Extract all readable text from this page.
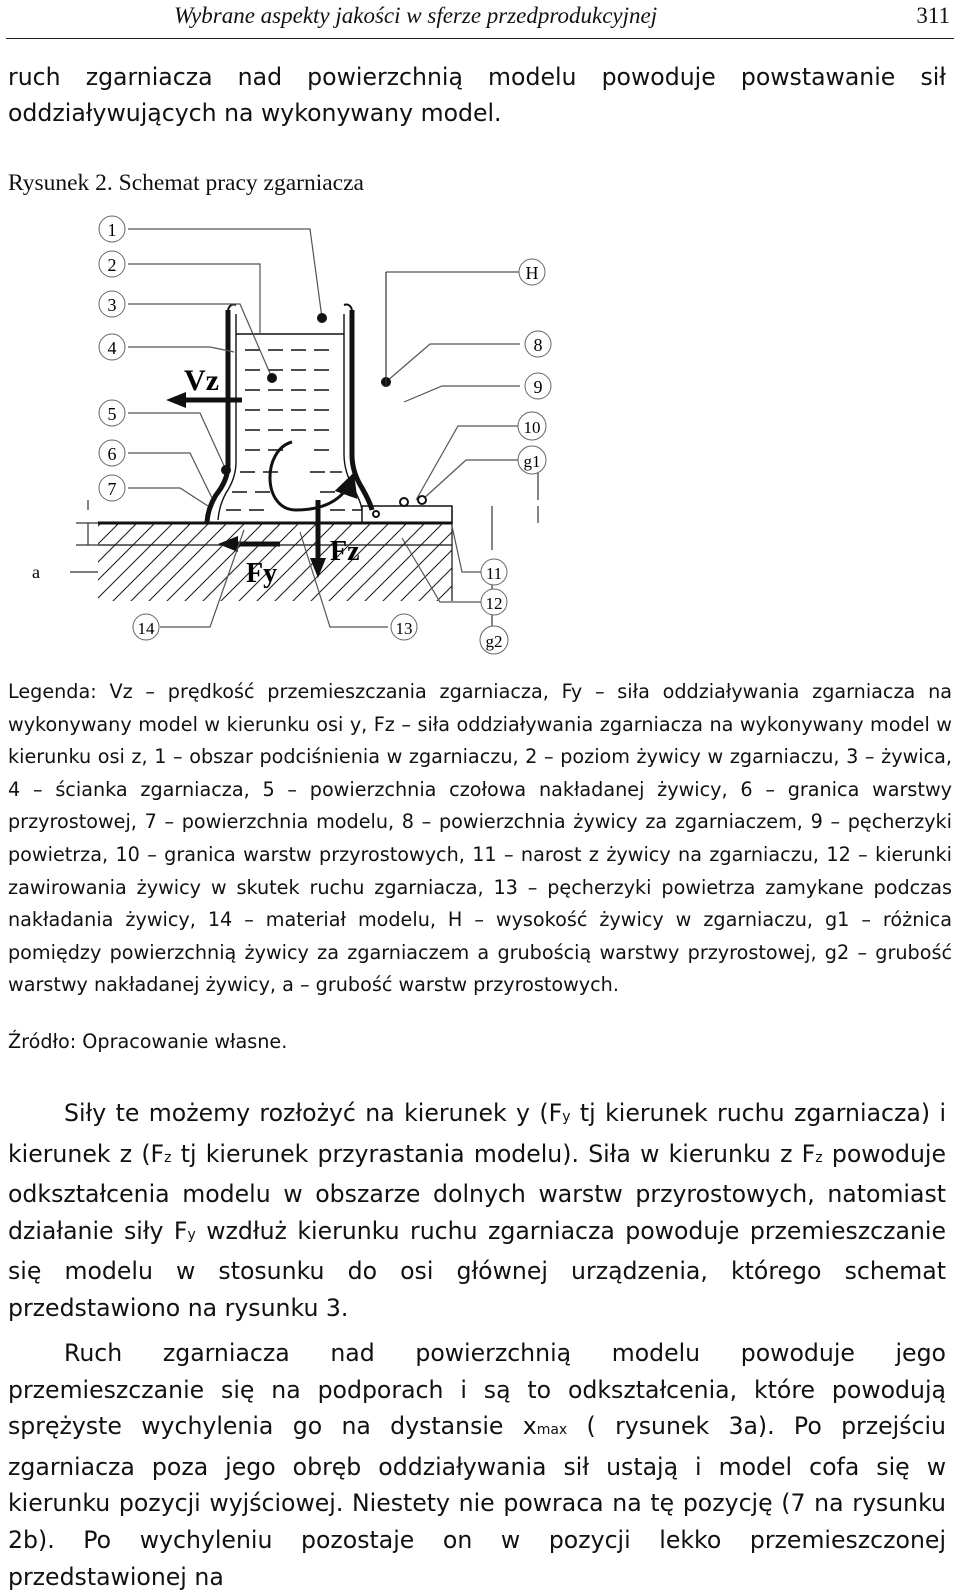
Wybrane aspekty jakości w sferze przedprodukcyjnej	311

ruch zgarniacza nad powierzchnią modelu powoduje powstawanie sił oddziaływujących na wykonywany model.

Rysunek 2. Schemat pracy zgarniacza
1
2
3
4
5
6
7
H
8
9
10
g1
11
12
g2
13
14
a
Vz
Fy
Fz

Legenda: Vz – prędkość przemieszczania zgarniacza, Fy – siła oddziaływania zgarniacza na wykonywany model w kierunku osi y, Fz – siła oddziaływania zgarniacza na wykonywany model w kierunku osi z, 1 – obszar podciśnienia w zgarniaczu, 2 – poziom żywicy w zgarniaczu, 3 – żywica, 4 – ścianka zgarniacza, 5 – powierzchnia czołowa nakładanej żywicy, 6 – granica warstwy przyrostowej, 7 – powierzchnia modelu, 8 – powierzchnia żywicy za zgarniaczem, 9 – pęcherzyki powietrza, 10 – granica warstw przyrostowych, 11 – narost z żywicy na zgarniaczu, 12 – kierunki zawirowania żywicy w skutek ruchu zgarniacza, 13 – pęcherzyki powietrza zamykane podczas nakładania żywicy, 14 – materiał modelu, H – wysokość żywicy w zgarniaczu, g1 – różnica pomiędzy powierzchnią żywicy za zgarniaczem a grubością warstwy przyrostowej, g2 – grubość warstwy nakładanej żywicy, a – grubość warstw przyrostowych.

Źródło: Opracowanie własne.

Siły te możemy rozłożyć na kierunek y (Fy tj kierunek ruchu zgarniacza) i kierunek z (Fz tj kierunek przyrastania modelu). Siła w kierunku z Fz powoduje odkształcenia modelu w obszarze dolnych warstw przyrostowych, natomiast działanie siły Fy wzdłuż kierunku ruchu zgarniacza powoduje przemieszczanie się modelu w stosunku do osi głównej urządzenia, którego schemat przedstawiono na rysunku 3.

Ruch zgarniacza nad powierzchnią modelu powoduje jego przemieszczanie się na podporach i są to odkształcenia, które powodują sprężyste wychylenia go na dystansie xmax ( rysunek 3a). Po przejściu zgarniacza poza jego obręb oddziaływania sił ustają i model cofa się w kierunku pozycji wyjściowej. Niestety nie powraca na tę pozycję (7 na rysunku 2b). Po wychyleniu pozostaje on w pozycji lekko przemieszczonej przedstawionej na
